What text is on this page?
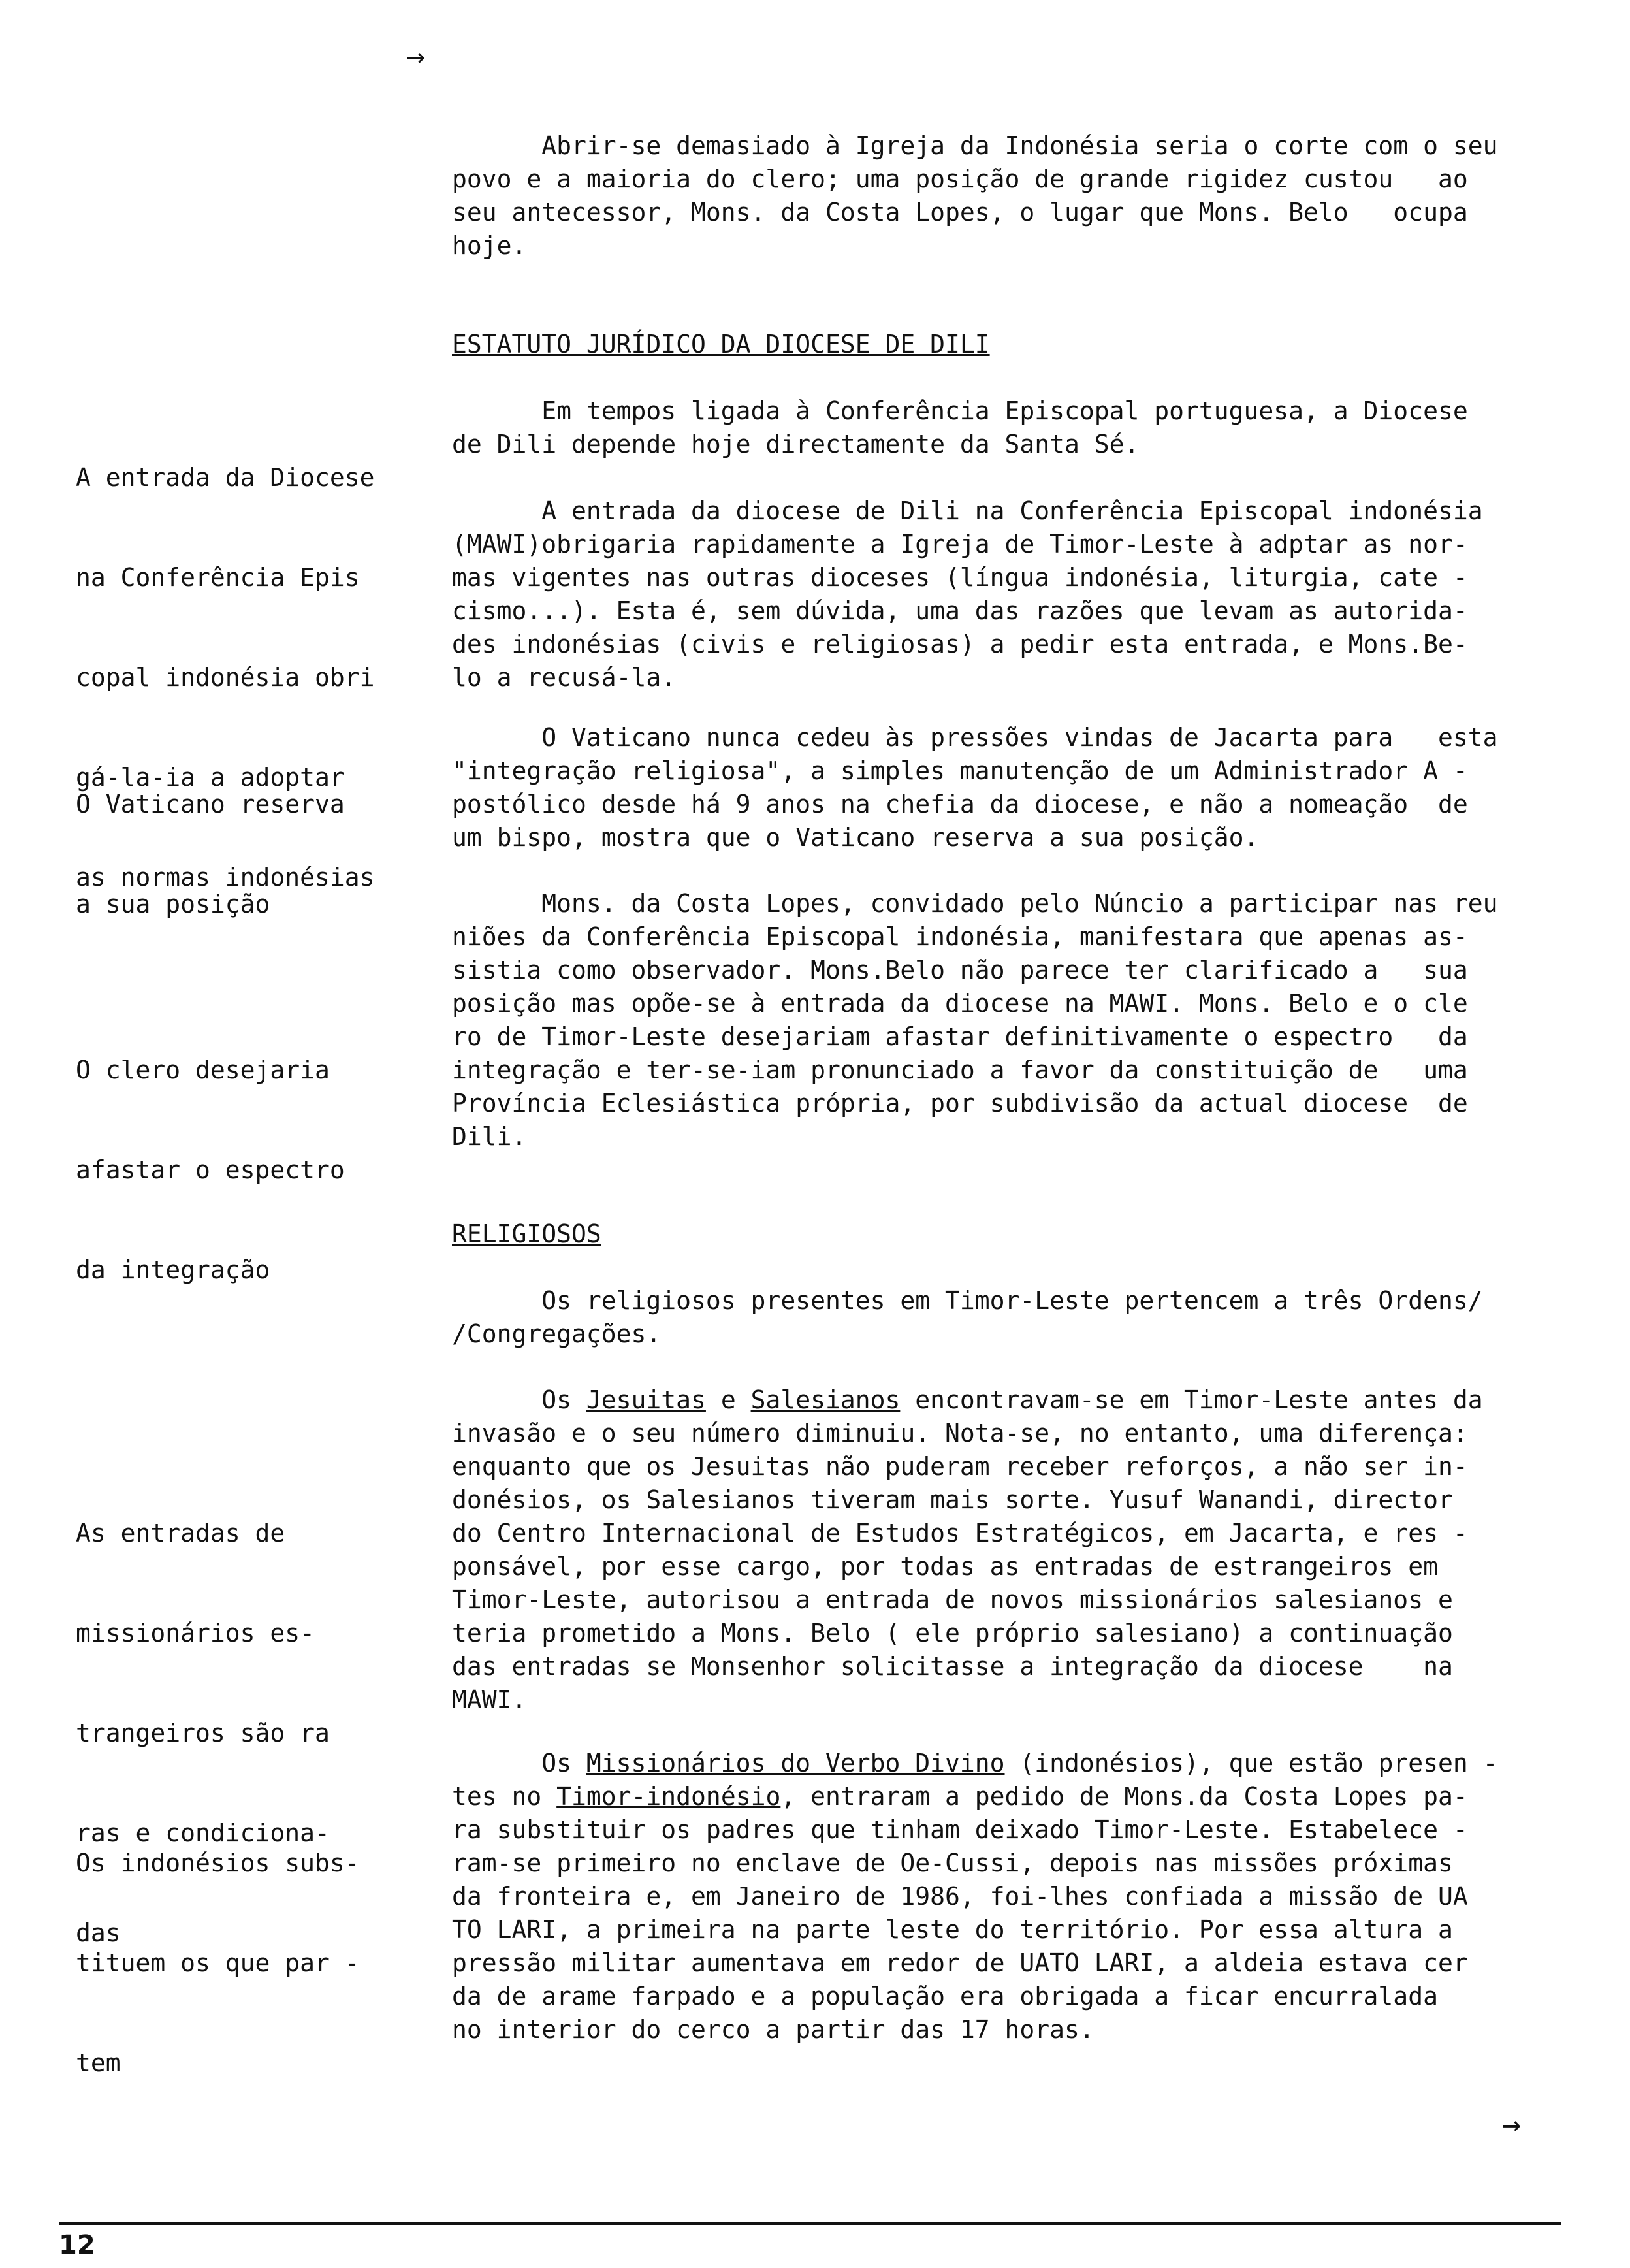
→
Abrir-se demasiado à Igreja da Indonésia seria o corte com o seu
povo e a maioria do clero; uma posição de grande rigidez custou   ao
seu antecessor, Mons. da Costa Lopes, o lugar que Mons. Belo   ocupa
hoje.
ESTATUTO JURÍDICO DA DIOCESE DE DILI
Em tempos ligada à Conferência Episcopal portuguesa, a Diocese
de Dili depende hoje directamente da Santa Sé.
A entrada da diocese de Dili na Conferência Episcopal indonésia
(MAWI)obrigaria rapidamente a Igreja de Timor-Leste à adptar as nor-
mas vigentes nas outras dioceses (língua indonésia, liturgia, cate -
cismo...). Esta é, sem dúvida, uma das razões que levam as autorida-
des indonésias (civis e religiosas) a pedir esta entrada, e Mons.Be-
lo a recusá-la.
O Vaticano nunca cedeu às pressões vindas de Jacarta para   esta
"integração religiosa", a simples manutenção de um Administrador A -
postólico desde há 9 anos na chefia da diocese, e não a nomeação  de
um bispo, mostra que o Vaticano reserva a sua posição.
Mons. da Costa Lopes, convidado pelo Núncio a participar nas reu
niões da Conferência Episcopal indonésia, manifestara que apenas as-
sistia como observador. Mons.Belo não parece ter clarificado a   sua
posição mas opõe-se à entrada da diocese na MAWI. Mons. Belo e o cle
ro de Timor-Leste desejariam afastar definitivamente o espectro   da
integração e ter-se-iam pronunciado a favor da constituição de   uma
Província Eclesiástica própria, por subdivisão da actual diocese  de
Dili.
RELIGIOSOS
Os religiosos presentes em Timor-Leste pertencem a três Ordens/
/Congregações.
Os Jesuitas e Salesianos encontravam-se em Timor-Leste antes da
invasão e o seu número diminuiu. Nota-se, no entanto, uma diferença:
enquanto que os Jesuitas não puderam receber reforços, a não ser in-
donésios, os Salesianos tiveram mais sorte. Yusuf Wanandi, director
do Centro Internacional de Estudos Estratégicos, em Jacarta, e res -
ponsável, por esse cargo, por todas as entradas de estrangeiros em
Timor-Leste, autorisou a entrada de novos missionários salesianos e
teria prometido a Mons. Belo ( ele próprio salesiano) a continuação
das entradas se Monsenhor solicitasse a integração da diocese    na
MAWI.
Os Missionários do Verbo Divino (indonésios), que estão presen -
tes no Timor-indonésio, entraram a pedido de Mons.da Costa Lopes pa-
ra substituir os padres que tinham deixado Timor-Leste. Estabelece -
ram-se primeiro no enclave de Oe-Cussi, depois nas missões próximas
da fronteira e, em Janeiro de 1986, foi-lhes confiada a missão de UA
TO LARI, a primeira na parte leste do território. Por essa altura a
pressão militar aumentava em redor de UATO LARI, a aldeia estava cer
da de arame farpado e a população era obrigada a ficar encurralada
no interior do cerco a partir das 17 horas.

A entrada da Diocese

na Conferência Epis

copal indonésia obri

gá-la-ia a adoptar

as normas indonésias

O Vaticano reserva

a sua posição

O clero desejaria

afastar o espectro

da integração

As entradas de

missionários es-

trangeiros são ra

ras e condiciona-

das

Os indonésios subs-

tituem os que par -

tem

→
12
